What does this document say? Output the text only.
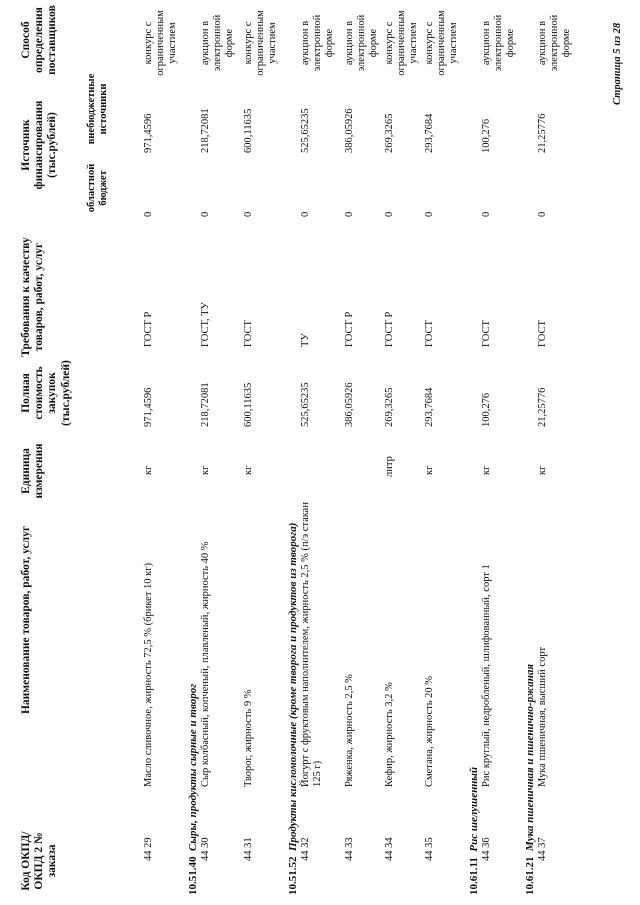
Код ОКПД/ ОКПД 2 № заказа
Наименование товаров, работ, услуг
Единица измерения
Полная стоимость закупок (тыс.рублей)
Требования к качеству товаров, работ, услуг
Источник финансирования (тыс.рублей)
областной бюджет
внебюджетные источники
Способ определения поставщиков
44 29
Масло сливочное, жирность 72,5 % (брикет 10 кг)
кг
971,4596
ГОСТ Р
0
971,4596
конкурс с ограниченным участием
10.51.40  Сыры, продукты сырные и творог 44 30
Сыр колбасный, копченый, плавленый, жирность 40 %
кг
218,72081
ГОСТ, ТУ
0
218,72081
аукцион в электронной форме
44 31
Творог, жирность 9 %
кг
600,11635
ГОСТ
0
600,11635
конкурс с ограниченным участием
10.51.52  Продукты кисломолочные (кроме творога и продуктов из творога) 44 32
Йогурт с фруктовым наполнителем, жирность 2,5 % (п/э стакан 125 г)
525,65235
ТУ
0
525,65235
аукцион в электронной форме
44 33
Ряженка, жирность 2,5 %
386,05926
ГОСТ Р
0
386,05926
аукцион в электронной форме
44 34
Кефир, жирность 3,2 %
литр
269,3265
ГОСТ Р
0
269,3265
конкурс с ограниченным участием
44 35
Сметана, жирность 20 %
кг
293,7684
ГОСТ
0
293,7684
конкурс с ограниченным участием
10.61.11  Рис шелушенный 44 36
Рис круглый, недробленый, шлифованный, сорт 1
кг
100,276
ГОСТ
0
100,276
аукцион в электронной форме
10.61.21  Мука пшеничная и пшенично-ржаная 44 37
Мука пшеничная, высший сорт
кг
21,25776
ГОСТ
0
21,25776
аукцион в электронной форме	Страница 5 из 28
